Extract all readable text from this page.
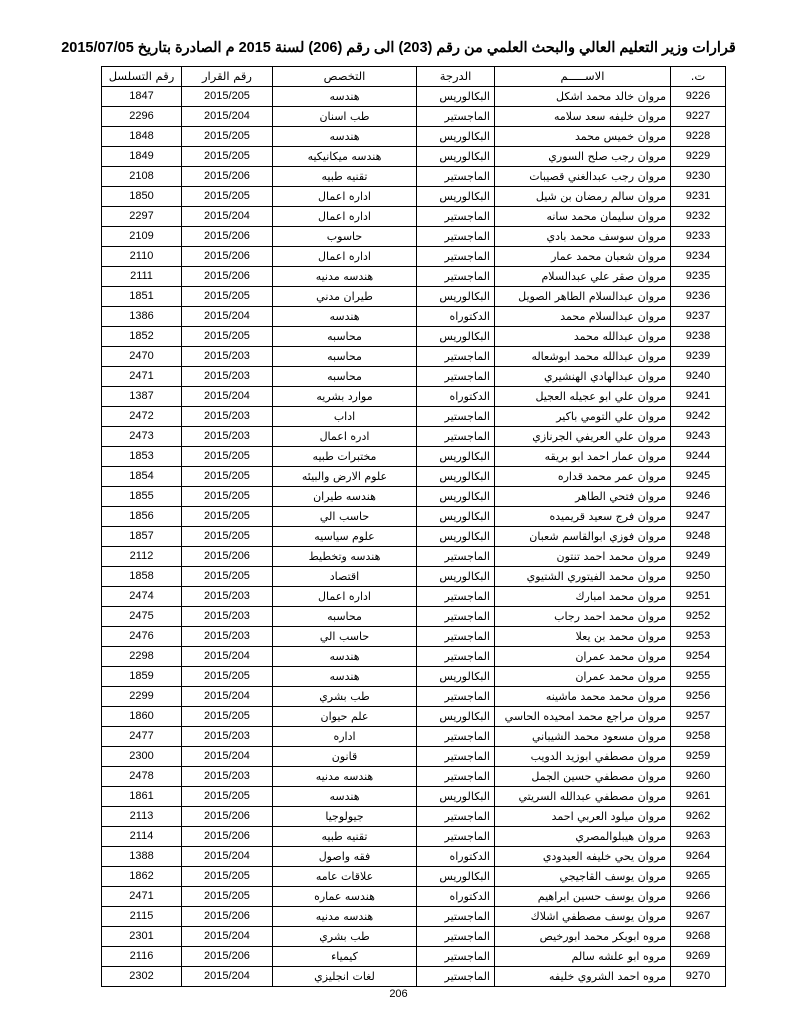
قرارات وزير التعليم العالي والبحث العلمي من رقم (203) الى رقم (206) لسنة 2015 م الصادرة بتاريخ 2015/07/05
ت.	الاســـــم	الدرجة	التخصص	رقم القرار	رقم التسلسل
9226	مروان خالد محمد اشكل	البكالوريس	هندسه	2015/205	1847
9227	مروان خليفه سعد سلامه	الماجستير	طب اسنان	2015/204	2296
9228	مروان خميس محمد	البكالوريس	هندسه	2015/205	1848
9229	مروان رجب صلح السوري	البكالوريس	هندسه ميكانيكيه	2015/205	1849
9230	مروان رجب عبدالغني قصيبات	الماجستير	تقنيه طبيه	2015/206	2108
9231	مروان سالم رمضان بن شيل	البكالوريس	اداره اعمال	2015/205	1850
9232	مروان سليمان محمد سانه	الماجستير	اداره اعمال	2015/204	2297
9233	مروان سوسف محمد بادي	الماجستير	حاسوب	2015/206	2109
9234	مروان شعبان محمد عمار	الماجستير	اداره اعمال	2015/206	2110
9235	مروان صقر علي عبدالسلام	الماجستير	هندسه مدنيه	2015/206	2111
9236	مروان عبدالسلام الطاهر الصويل	البكالوريس	طيران مدني	2015/205	1851
9237	مروان عبدالسلام محمد	الدكتوراه	هندسه	2015/204	1386
9238	مروان عبدالله محمد	البكالوريس	محاسبه	2015/205	1852
9239	مروان عبدالله محمد ابوشعاله	الماجستير	محاسبه	2015/203	2470
9240	مروان عبدالهادي الهنشيري	الماجستير	محاسبه	2015/203	2471
9241	مروان علي ابو عجيله العجيل	الدكتوراه	موارد بشريه	2015/204	1387
9242	مروان علي التومي باكير	الماجستير	اداب	2015/203	2472
9243	مروان علي العريفي الجرنازي	الماجستير	ادره اعمال	2015/203	2473
9244	مروان عمار احمد ابو بريقه	البكالوريس	مختبرات طبيه	2015/205	1853
9245	مروان عمر محمد قداره	البكالوريس	علوم الارض والبيئه	2015/205	1854
9246	مروان فتحي الطاهر	البكالوريس	هندسه طيران	2015/205	1855
9247	مروان فرج سعيد قريميده	البكالوريس	حاسب الي	2015/205	1856
9248	مروان فوزي ابوالقاسم شعبان	البكالوريس	علوم سياسيه	2015/205	1857
9249	مروان محمد احمد تنتون	الماجستير	هندسه وتخطيط	2015/206	2112
9250	مروان محمد الفيتوري الشتيوي	البكالوريس	اقتصاد	2015/205	1858
9251	مروان محمد امبارك	الماجستير	اداره اعمال	2015/203	2474
9252	مروان محمد احمد رجاب	الماجستير	محاسبه	2015/203	2475
9253	مروان محمد بن يعلا	الماجستير	حاسب الي	2015/203	2476
9254	مروان محمد عمران	الماجستير	هندسه	2015/204	2298
9255	مروان محمد عمران	البكالوريس	هندسه	2015/205	1859
9256	مروان محمد محمد ماشينه	الماجستير	طب بشري	2015/204	2299
9257	مروان مراجع محمد امحيده الحاسي	البكالوريس	علم حيوان	2015/205	1860
9258	مروان مسعود محمد الشيباني	الماجستير	اداره	2015/203	2477
9259	مروان مصطفي ابوزيد الدويب	الماجستير	قانون	2015/204	2300
9260	مروان مصطفي حسين الجمل	الماجستير	هندسه مدنيه	2015/203	2478
9261	مروان مصطفي عبدالله السريتي	البكالوريس	هندسه	2015/205	1861
9262	مروان ميلود العربي احمد	الماجستير	جيولوجيا	2015/206	2113
9263	مروان هيبلوالمصري	الماجستير	تقنيه طبيه	2015/206	2114
9264	مروان يحي خليفه العيدودي	الدكتوراه	فقه واصول	2015/204	1388
9265	مروان يوسف القاجيجي	البكالوريس	علاقات عامه	2015/205	1862
9266	مروان يوسف حسين ابراهيم	الدكتوراه	هندسه عماره	2015/205	2471
9267	مروان يوسف مصطفي اشلاك	الماجستير	هندسه مدنيه	2015/206	2115
9268	مروه ابوبكر محمد ابورخيص	الماجستير	طب بشري	2015/204	2301
9269	مروه ابو علشه سالم	الماجستير	كيمياء	2015/206	2116
9270	مروه احمد الشروي خليفه	الماجستير	لغات انجليزي	2015/204	2302
206
